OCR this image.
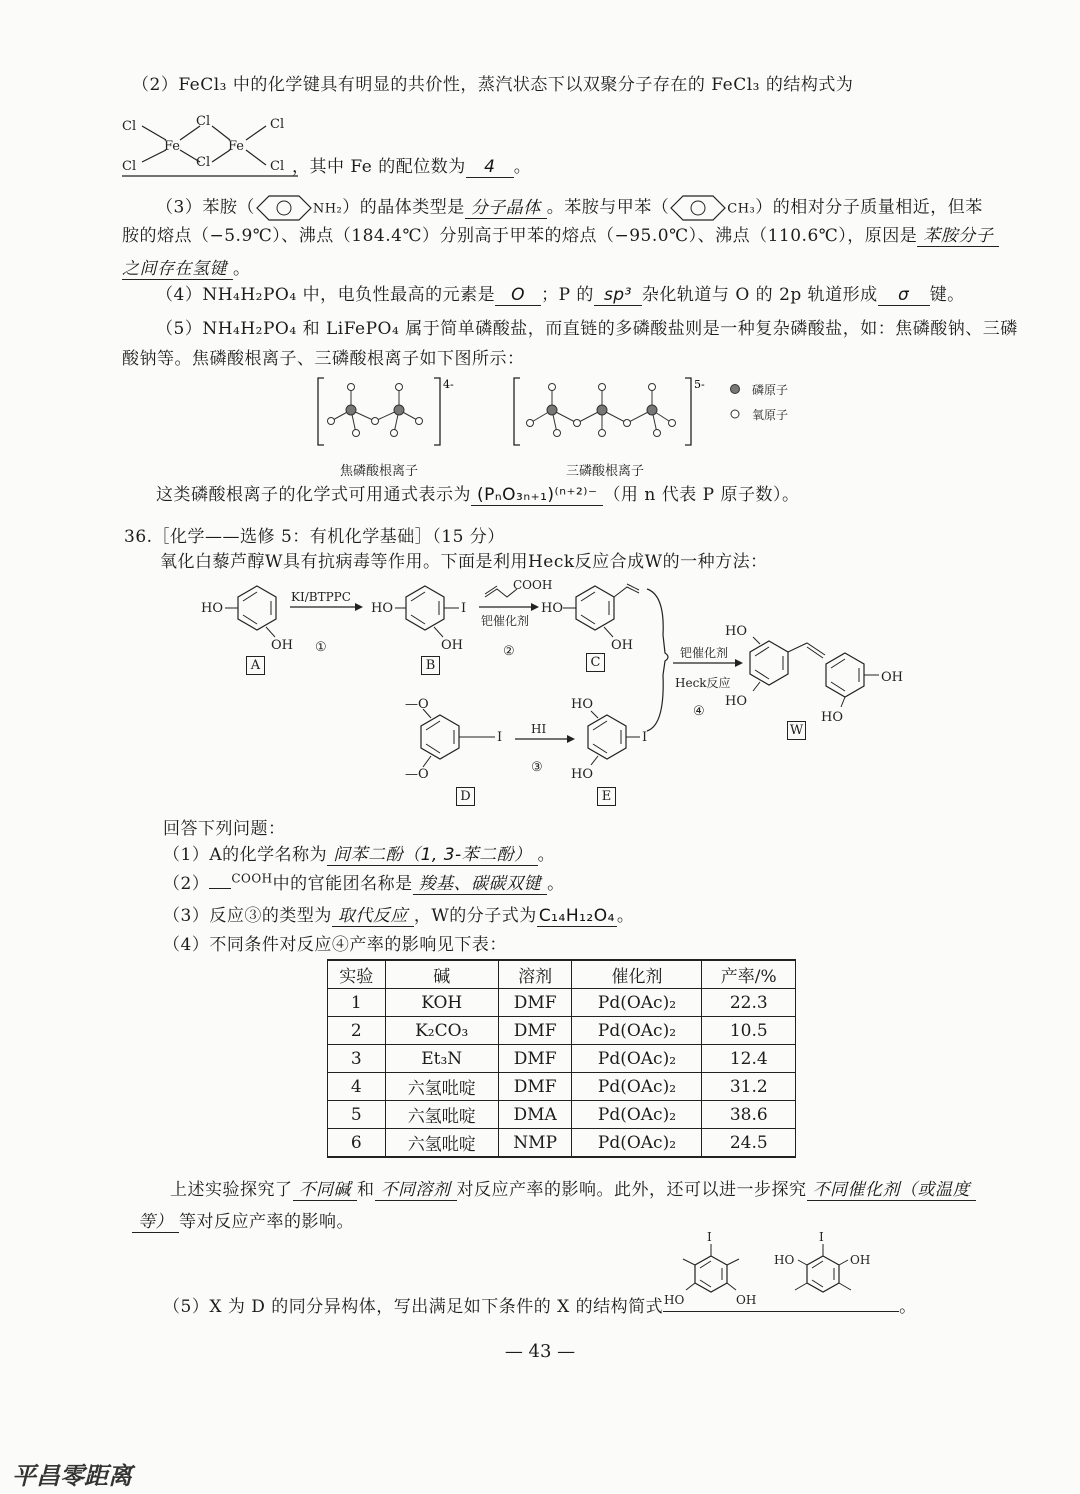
（2）FeCl₃ 中的化学键具有明显的共价性，蒸汽状态下以双聚分子存在的 FeCl₃ 的结构式为
Cl
Cl
Cl
Cl
Cl
Cl
Fe	Fe
，其中 Fe 的配位数为 4 。
（3）苯胺（	NH₂）的晶体类型是 分子晶体 。苯胺与甲苯（	CH₃）的相对分子质量相近，但苯
胺的熔点（−5.9℃）、沸点（184.4℃）分别高于甲苯的熔点（−95.0℃）、沸点（110.6℃），原因是 苯胺分子
之间存在氢键 。
（4）NH₄H₂PO₄ 中，电负性最高的元素是 O ；P 的 sp³ 杂化轨道与 O 的 2p 轨道形成 σ 键。
（5）NH₄H₂PO₄ 和 LiFePO₄ 属于简单磷酸盐，而直链的多磷酸盐则是一种复杂磷酸盐，如：焦磷酸钠、三磷
酸钠等。焦磷酸根离子、三磷酸根离子如下图所示：
4-	5-	磷原子
氧原子
焦磷酸根离子	三磷酸根离子
这类磷酸根离子的化学式可用通式表示为 (PₙO₃ₙ₊₁)⁽ⁿ⁺²⁾⁻ （用 n 代表 P 原子数）。
36.［化学——选修 5：有机化学基础］（15 分）
氧化白藜芦醇W具有抗病毒等作用。下面是利用Heck反应合成W的一种方法：
HO
OH
KI/BTPPC
①
HO	I
OH
COOH
钯催化剂
②
HO
OH	钯催化剂
Heck反应
④
HO
HO
OH
HO
—O
—O
I
HI
③
HO
HO
I
A	B	C
D	E
W
回答下列问题：
（1）A的化学名称为 间苯二酚（1, 3-苯二酚） 。
（2） $^{COOH}$中的官能团名称是 羧基、碳碳双键 。
（3）反应③的类型为 取代反应 ，W的分子式为 C₁₄H₁₂O₄ 。
（4）不同条件对反应④产率的影响见下表：
实验	碱	溶剂	催化剂	产率/%
1	KOH	DMF	Pd(OAc)₂	22.3
2	K₂CO₃	DMF	Pd(OAc)₂	10.5
3	Et₃N	DMF	Pd(OAc)₂	12.4
4	六氢吡啶	DMF	Pd(OAc)₂	31.2
5	六氢吡啶	DMA	Pd(OAc)₂	38.6
6	六氢吡啶	NMP	Pd(OAc)₂	24.5
上述实验探究了 不同碱 和 不同溶剂 对反应产率的影响。此外，还可以进一步探究 不同催化剂（或温度
等） 等对反应产率的影响。
I
HO	OH
I
HO	OH
（5）X 为 D 的同分异构体，写出满足如下条件的 X 的结构简式	。
— 43 —
平昌零距离
